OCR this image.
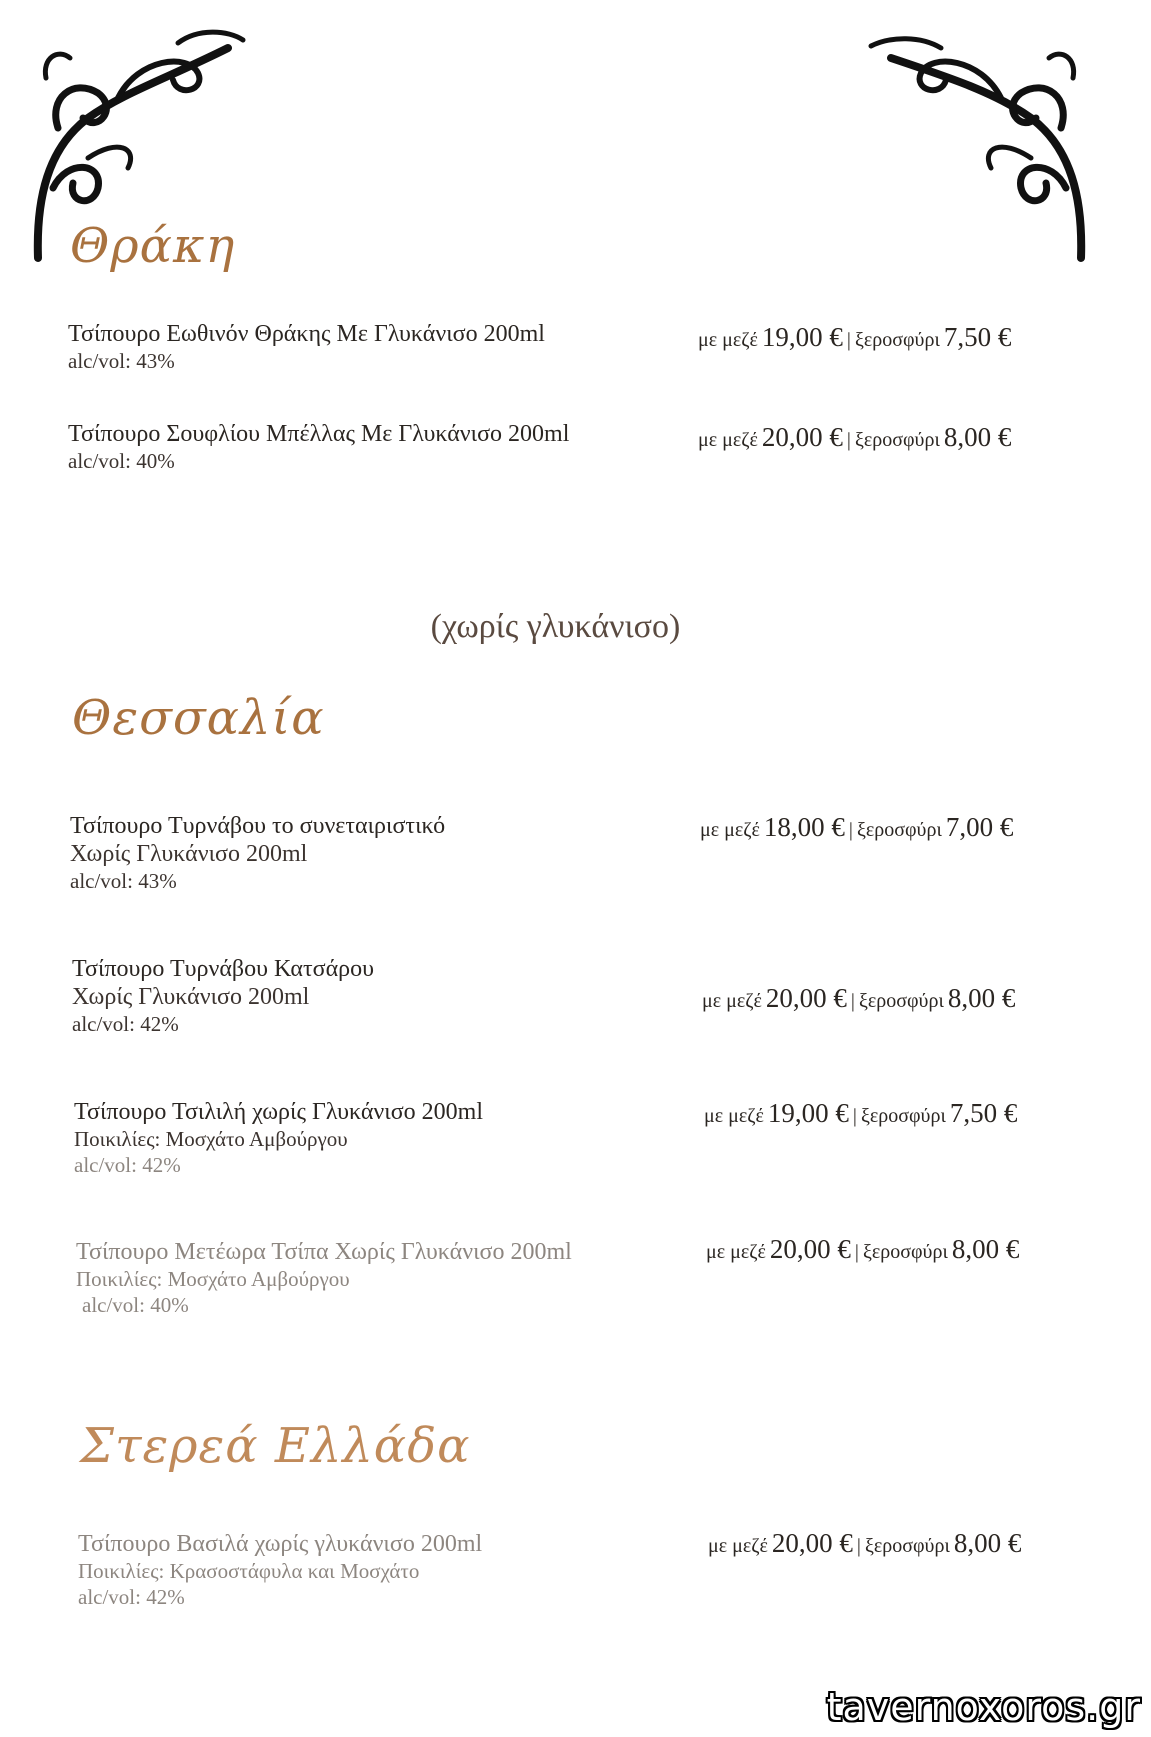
Θράκη
Τσίπουρο Εωθινόν Θράκης Με Γλυκάνισο 200ml
alc/vol: 43%
με μεζέ 19,00 € | ξεροσφύρι 7,50 €
Τσίπουρο Σουφλίου Μπέλλας Με Γλυκάνισο 200ml
alc/vol: 40%
με μεζέ 20,00 € | ξεροσφύρι 8,00 €
(χωρίς γλυκάνισο)
Θεσσαλία
Τσίπουρο Τυρνάβου το συνεταιριστικό
Χωρίς Γλυκάνισο 200ml
alc/vol: 43%
με μεζέ 18,00 € | ξεροσφύρι 7,00 €
Τσίπουρο Τυρνάβου Κατσάρου
Χωρίς Γλυκάνισο 200ml
alc/vol: 42%
με μεζέ 20,00 € | ξεροσφύρι 8,00 €
Τσίπουρο Τσιλιλή χωρίς Γλυκάνισο 200ml
Ποικιλίες: Μοσχάτο Αμβούργου
alc/vol: 42%
με μεζέ 19,00 € | ξεροσφύρι 7,50 €
Τσίπουρο Μετέωρα Τσίπα Χωρίς Γλυκάνισο 200ml
Ποικιλίες: Μοσχάτο Αμβούργου
alc/vol: 40%
με μεζέ 20,00 € | ξεροσφύρι 8,00 €
Στερεά Ελλάδα
Τσίπουρο Βασιλά χωρίς γλυκάνισο 200ml
Ποικιλίες: Κρασοστάφυλα και Μοσχάτο
alc/vol: 42%
με μεζέ 20,00 € | ξεροσφύρι 8,00 €
tavernoxoros.gr
